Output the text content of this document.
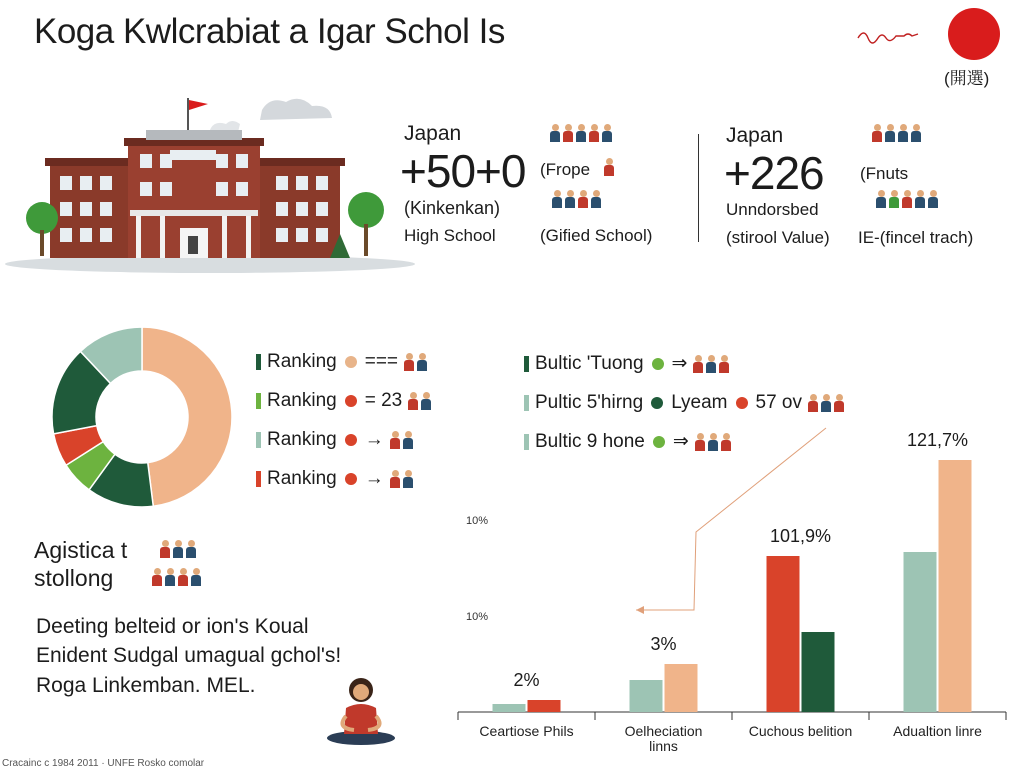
Koga Kwlcrabiat a Igar Schol Is
(開選)
Japan
+50+0
(Kinkenkan)
High School
(Frope
(Gified School)
Japan
+226
Unndorsbed
(stirool Value)
(Fnuts
IE-(fincel trach)
Ranking ===
Ranking = 23
Ranking →
Ranking →
Bultic 'Tuong ⇒
Pultic 5'hirng Lyeam 57 ov
Bultic 9 hone ⇒
Agistica t
stollong
Deeting belteid or ion's Koual
Enident Sudgal umagual gchol's!
Roga Linkemban. MEL.
10%
10%
Ceartiose Phils	Oelheciation
linns
Cuchous belition	Adualtion linre
2%
3%
101,9%
121,7%
Cracainc c 1984 2011 · UNFE Rosko comolar
